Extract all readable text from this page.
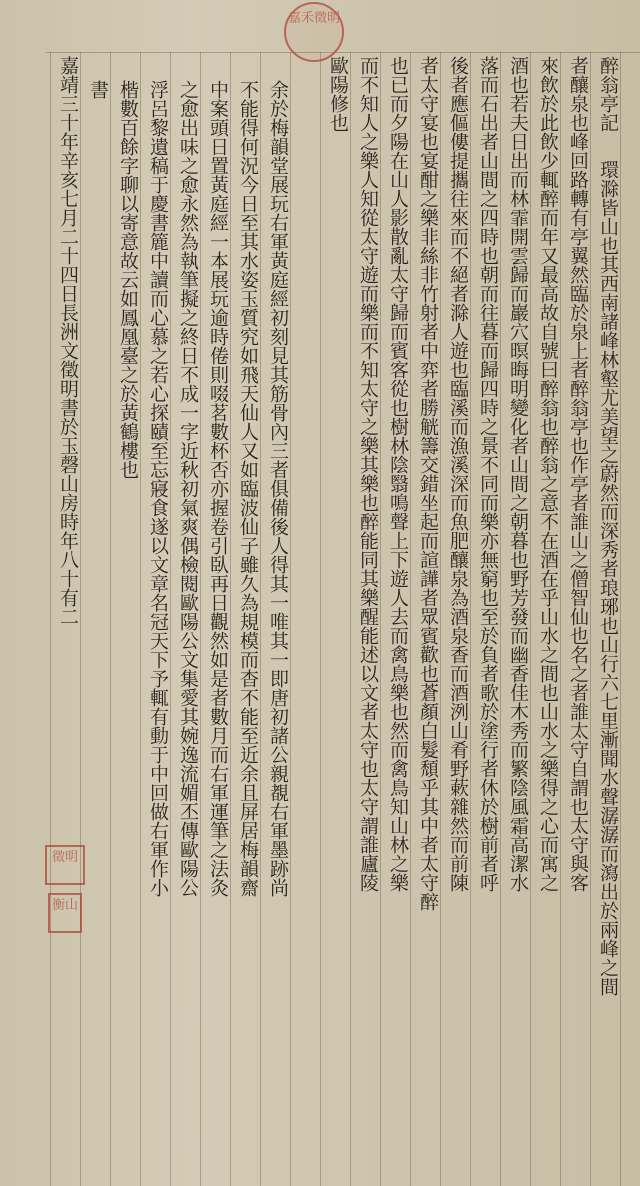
醉翁亭記
環滁皆山也其西南諸峰林壑尤美望之蔚然而深秀者琅琊也山行六七里漸聞水聲潺潺而瀉出於兩峰之間
者釀泉也峰回路轉有亭翼然臨於泉上者醉翁亭也作亭者誰山之僧智仙也名之者誰太守自謂也太守與客
來飲於此飲少輒醉而年又最高故自號曰醉翁也醉翁之意不在酒在乎山水之間也山水之樂得之心而寓之
酒也若夫日出而林霏開雲歸而巖穴暝晦明變化者山間之朝暮也野芳發而幽香佳木秀而繁陰風霜高潔水
落而石出者山間之四時也朝而往暮而歸四時之景不同而樂亦無窮也至於負者歌於塗行者休於樹前者呼
後者應傴僂提攜往來而不絕者滁人遊也臨溪而漁溪深而魚肥釀泉為酒泉香而酒洌山肴野蔌雜然而前陳
者太守宴也宴酣之樂非絲非竹射者中弈者勝觥籌交錯坐起而諠譁者眾賓歡也蒼顏白髮頹乎其中者太守醉
也已而夕陽在山人影散亂太守歸而賓客從也樹林陰翳鳴聲上下遊人去而禽鳥樂也然而禽鳥知山林之樂
而不知人之樂人知從太守遊而樂而不知太守之樂其樂也醉能同其樂醒能述以文者太守也太守謂誰廬陵
歐陽修也
余於梅韻堂展玩右軍黃庭經初刻見其筋骨內三者俱備後人得其一唯其一即唐初諸公親覩右軍墨跡尚
不能得何況今日至其水姿玉質究如飛天仙人又如臨波仙子雖久為規模而杳不能至近余且屏居梅韻齋
中案頭日置黃庭經一本展玩逾時倦則啜茗數杯否亦握卷引臥再日觀然如是者數月而右軍運筆之法灸
之愈出味之愈永然為執筆擬之終日不成一字近秋初氣爽偶檢閱歐陽公文集愛其婉逸流媚丕傳歐陽公
浮呂黎遺稿于慶書簏中讀而心慕之若心探賾至忘寢食遂以文章名冠天下予輒有動于中回做右軍作小
楷數百餘字聊以寄意故云如鳳凰臺之於黃鶴樓也
書
嘉靖三十年辛亥七月二十四日長洲文徵明書於玉磬山房時年八十有二
嘉禾徵明
徵明
衡山
